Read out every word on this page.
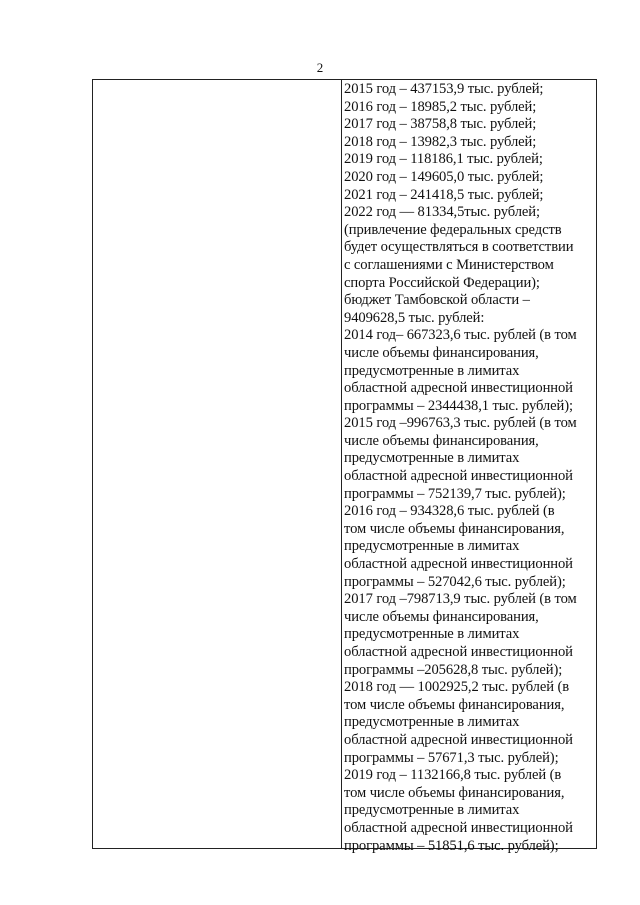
2
2015 год – 437153,9 тыс. рублей;
2016 год – 18985,2 тыс. рублей;
2017 год – 38758,8 тыс. рублей;
2018 год – 13982,3 тыс. рублей;
2019 год – 118186,1 тыс. рублей;
2020 год – 149605,0 тыс. рублей;
2021 год – 241418,5 тыс. рублей;
2022 год — 81334,5тыс. рублей;
(привлечение федеральных средств
будет осуществляться в соответствии
с соглашениями с Министерством
спорта Российской Федерации);
бюджет Тамбовской области –
9409628,5 тыс. рублей:
2014 год– 667323,6 тыс. рублей (в том
числе объемы финансирования,
предусмотренные в лимитах
областной адресной инвестиционной
программы – 2344438,1 тыс. рублей);
2015 год –996763,3 тыс. рублей (в том
числе объемы финансирования,
предусмотренные в лимитах
областной адресной инвестиционной
программы – 752139,7 тыс. рублей);
2016 год – 934328,6 тыс. рублей (в
том числе объемы финансирования,
предусмотренные в лимитах
областной адресной инвестиционной
программы – 527042,6 тыс. рублей);
2017 год –798713,9 тыс. рублей (в том
числе объемы финансирования,
предусмотренные в лимитах
областной адресной инвестиционной
программы –205628,8 тыс. рублей);
2018 год — 1002925,2 тыс. рублей (в
том числе объемы финансирования,
предусмотренные в лимитах
областной адресной инвестиционной
программы – 57671,3 тыс. рублей);
2019 год – 1132166,8 тыс. рублей (в
том числе объемы финансирования,
предусмотренные в лимитах
областной адресной инвестиционной
программы – 51851,6 тыс. рублей);
